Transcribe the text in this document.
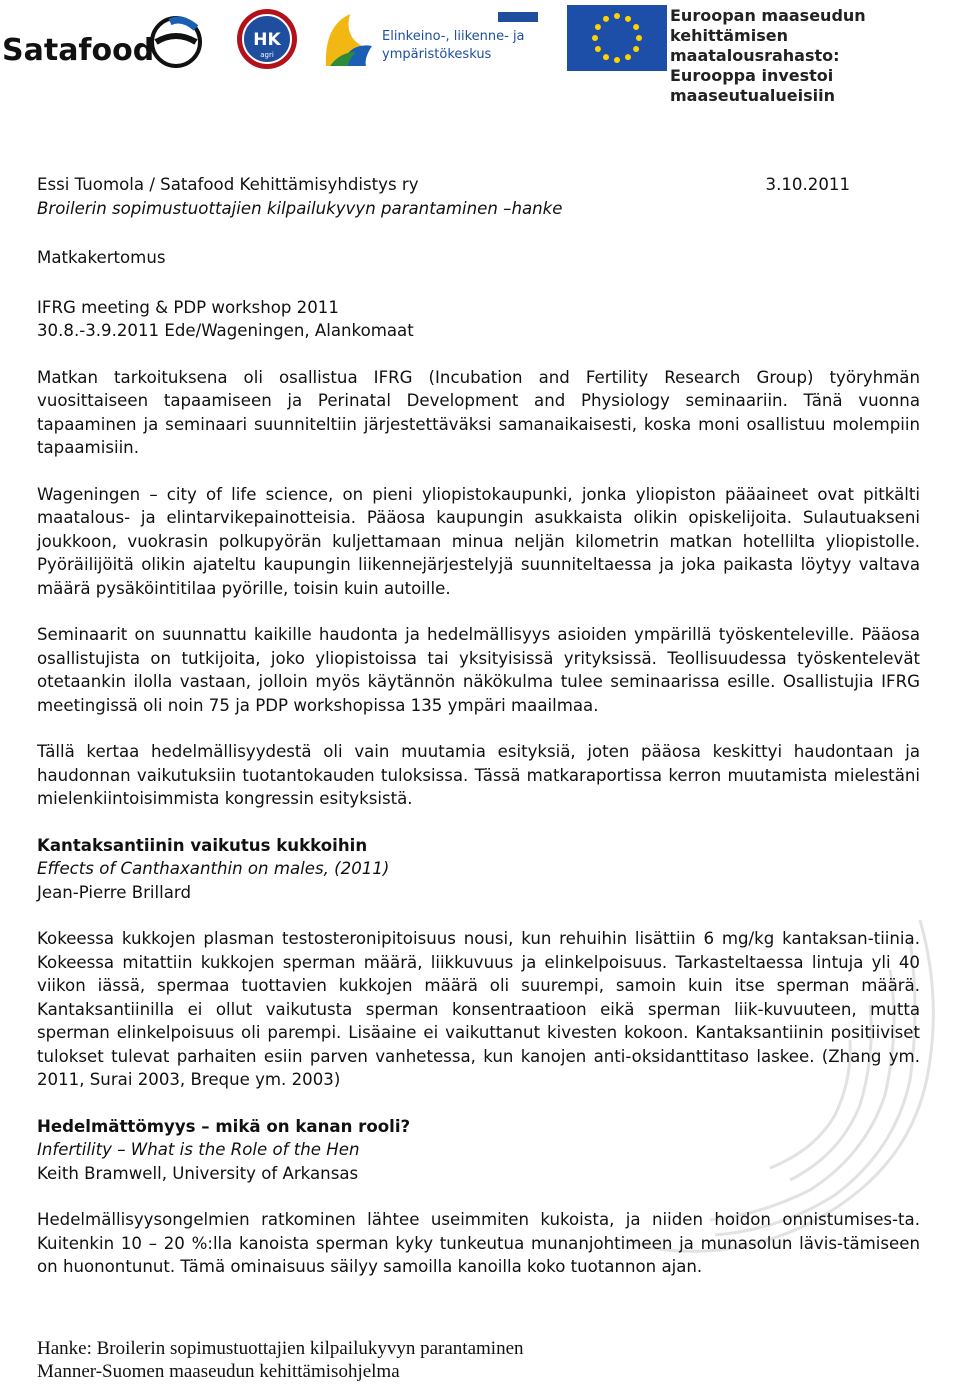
Satafood	HK
agri
Elinkeino-, liikenne- ja
ympäristökeskus
Euroopan maaseudun
kehittämisen maatalousrahasto:
Eurooppa investoi maaseutualueisiin

Essi Tuomola / Satafood Kehittämisyhdistys ry	3.10.2011

Broilerin sopimustuottajien kilpailukyvyn parantaminen –hanke

Matkakertomus

IFRG meeting & PDP workshop 2011

30.8.-3.9.2011 Ede/Wageningen, Alankomaat

Matkan tarkoituksena oli osallistua IFRG (Incubation and Fertility Research Group) työryhmän vuosittaiseen tapaamiseen ja Perinatal Development and Physiology seminaariin. Tänä vuonna tapaaminen ja seminaari suunniteltiin järjestettäväksi samanaikaisesti, koska moni osallistuu molempiin tapaamisiin.

Wageningen – city of life science, on pieni yliopistokaupunki, jonka yliopiston pääaineet ovat pitkälti maatalous- ja elintarvikepainotteisia. Pääosa kaupungin asukkaista olikin opiskelijoita. Sulautuakseni joukkoon, vuokrasin polkupyörän kuljettamaan minua neljän kilometrin matkan hotellilta yliopistolle. Pyöräilijöitä olikin ajateltu kaupungin liikennejärjestelyjä suunniteltaessa ja joka paikasta löytyy valtava määrä pysäköintitilaa pyörille, toisin kuin autoille.

Seminaarit on suunnattu kaikille haudonta ja hedelmällisyys asioiden ympärillä työskenteleville. Pääosa osallistujista on tutkijoita, joko yliopistoissa tai yksityisissä yrityksissä. Teollisuudessa työskentelevät otetaankin ilolla vastaan, jolloin myös käytännön näkökulma tulee seminaarissa esille. Osallistujia IFRG meetingissä oli noin 75 ja PDP workshopissa 135 ympäri maailmaa.

Tällä kertaa hedelmällisyydestä oli vain muutamia esityksiä, joten pääosa keskittyi haudontaan ja haudonnan vaikutuksiin tuotantokauden tuloksissa. Tässä matkaraportissa kerron muutamista mielestäni mielenkiintoisimmista kongressin esityksistä.

Kantaksantiinin vaikutus kukkoihin

Effects of Canthaxanthin on males, (2011)

Jean-Pierre Brillard

Kokeessa kukkojen plasman testosteronipitoisuus nousi, kun rehuihin lisättiin 6 mg/kg kantaksan-tiinia. Kokeessa mitattiin kukkojen sperman määrä, liikkuvuus ja elinkelpoisuus. Tarkasteltaessa lintuja yli 40 viikon iässä, spermaa tuottavien kukkojen määrä oli suurempi, samoin kuin itse sperman määrä. Kantaksantiinilla ei ollut vaikutusta sperman konsentraatioon eikä sperman liik-kuvuuteen, mutta sperman elinkelpoisuus oli parempi. Lisäaine ei vaikuttanut kivesten kokoon. Kantaksantiinin positiiviset tulokset tulevat parhaiten esiin parven vanhetessa, kun kanojen anti-oksidanttitaso laskee. (Zhang ym. 2011, Surai 2003, Breque ym. 2003)

Hedelmättömyys – mikä on kanan rooli?

Infertility – What is the Role of the Hen

Keith Bramwell, University of Arkansas

Hedelmällisyysongelmien ratkominen lähtee useimmiten kukoista, ja niiden hoidon onnistumises-ta. Kuitenkin 10 – 20 %:lla kanoista sperman kyky tunkeutua munanjohtimeen ja munasolun lävis-tämiseen on huonontunut. Tämä ominaisuus säilyy samoilla kanoilla koko tuotannon ajan.

Hanke: Broilerin sopimustuottajien kilpailukyvyn parantaminen
Manner-Suomen maaseudun kehittämisohjelma
